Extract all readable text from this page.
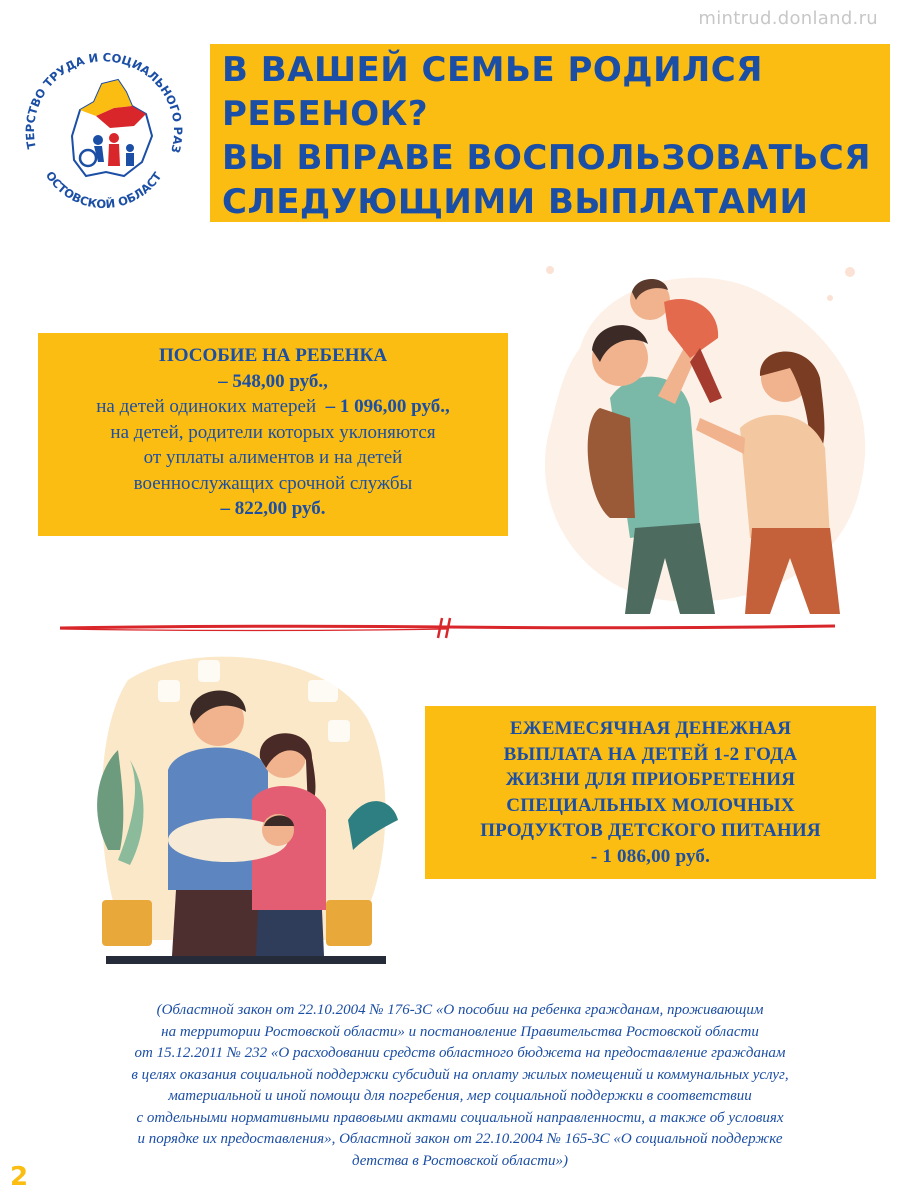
mintrud.donland.ru
ТЕРСТВО ТРУДА И СОЦИАЛЬНОГО РАЗ
ОСТОВСКОЙ ОБЛАСТ
В ВАШЕЙ СЕМЬЕ РОДИЛСЯ
РЕБЕНОК?
ВЫ ВПРАВЕ ВОСПОЛЬЗОВАТЬСЯ
СЛЕДУЮЩИМИ ВЫПЛАТАМИ
ПОСОБИЕ НА РЕБЕНКА
– 548,00 руб.,
на детей одиноких матерей – 1 096,00 руб.,
на детей, родители которых уклоняются
от уплаты алиментов и на детей
военнослужащих срочной службы
– 822,00 руб.
ЕЖЕМЕСЯЧНАЯ ДЕНЕЖНАЯ
ВЫПЛАТА НА ДЕТЕЙ 1-2 ГОДА
ЖИЗНИ ДЛЯ ПРИОБРЕТЕНИЯ
СПЕЦИАЛЬНЫХ МОЛОЧНЫХ
ПРОДУКТОВ ДЕТСКОГО ПИТАНИЯ
- 1 086,00 руб.
(Областной закон от 22.10.2004 № 176-ЗС «О пособии на ребенка гражданам, проживающим
на территории Ростовской области» и постановление Правительства Ростовской области
от 15.12.2011 № 232 «О расходовании средств областного бюджета на предоставление гражданам
в целях оказания социальной поддержки субсидий на оплату жилых помещений и коммунальных услуг,
материальной и иной помощи для погребения, мер социальной поддержки в соответствии
с отдельными нормативными правовыми актами социальной направленности, а также об условиях
и порядке их предоставления», Областной закон от 22.10.2004 № 165-ЗС «О социальной поддержке
детства в Ростовской области»)
2
